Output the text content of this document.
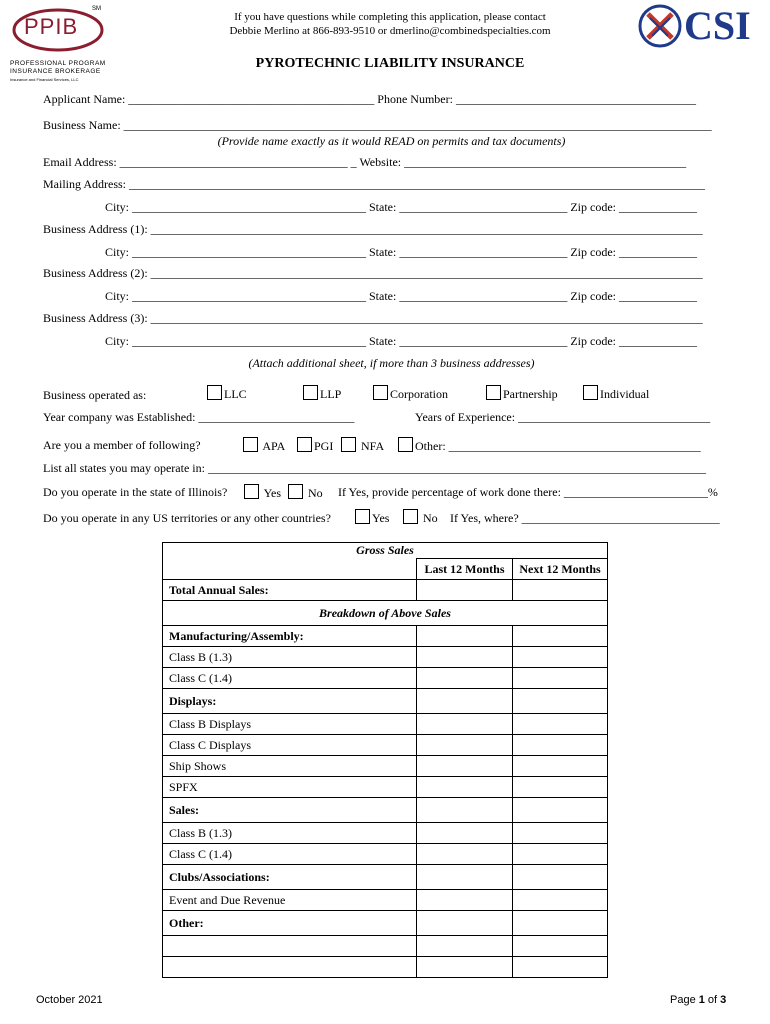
PPIB
SM
PROFESSIONAL PROGRAM
INSURANCE BROKERAGE
Insurance and Financial Services, LLC
CSI
If you have questions while completing this application, please contact
Debbie Merlino at 866-893-9510 or dmerlino@combinedspecialties.com
PYROTECHNIC LIABILITY INSURANCE
Applicant Name: _________________________________________ Phone Number: ________________________________________
Business Name: __________________________________________________________________________________________________
(Provide name exactly as it would READ on permits and tax documents)
Email Address: ______________________________________ _ Website: _______________________________________________
Mailing Address: ________________________________________________________________________________________________
City: _______________________________________ State: ____________________________ Zip code: _____________
Business Address (1): ____________________________________________________________________________________________
City: _______________________________________ State: ____________________________ Zip code: _____________
Business Address (2): ____________________________________________________________________________________________
City: _______________________________________ State: ____________________________ Zip code: _____________
Business Address (3): ____________________________________________________________________________________________
City: _______________________________________ State: ____________________________ Zip code: _____________
(Attach additional sheet, if more than 3 business addresses)
Business operated as:	LLC	LLP	Corporation	Partnership	Individual
Year company was Established: __________________________	Years of Experience: ________________________________
Are you a member of following?	APA	PGI	NFA	Other: __________________________________________
List all states you may operate in: ___________________________________________________________________________________
Do you operate in the state of Illinois?	Yes	No If Yes, provide percentage of work done there: ________________________%
Do you operate in any US territories or any other countries?	Yes	No If Yes, where? _________________________________
Gross Sales		
	Last 12 Months	Next 12 Months
Total Annual Sales:		
Breakdown of Above Sales		
Manufacturing/Assembly:		
Class B (1.3)		
Class C (1.4)		
Displays:		
Class B Displays		
Class C Displays		
Ship Shows		
SPFX		
Sales:		
Class B (1.3)		
Class C (1.4)		
Clubs/Associations:		
Event and Due Revenue		
Other:		

October 2021	Page 1 of 3
